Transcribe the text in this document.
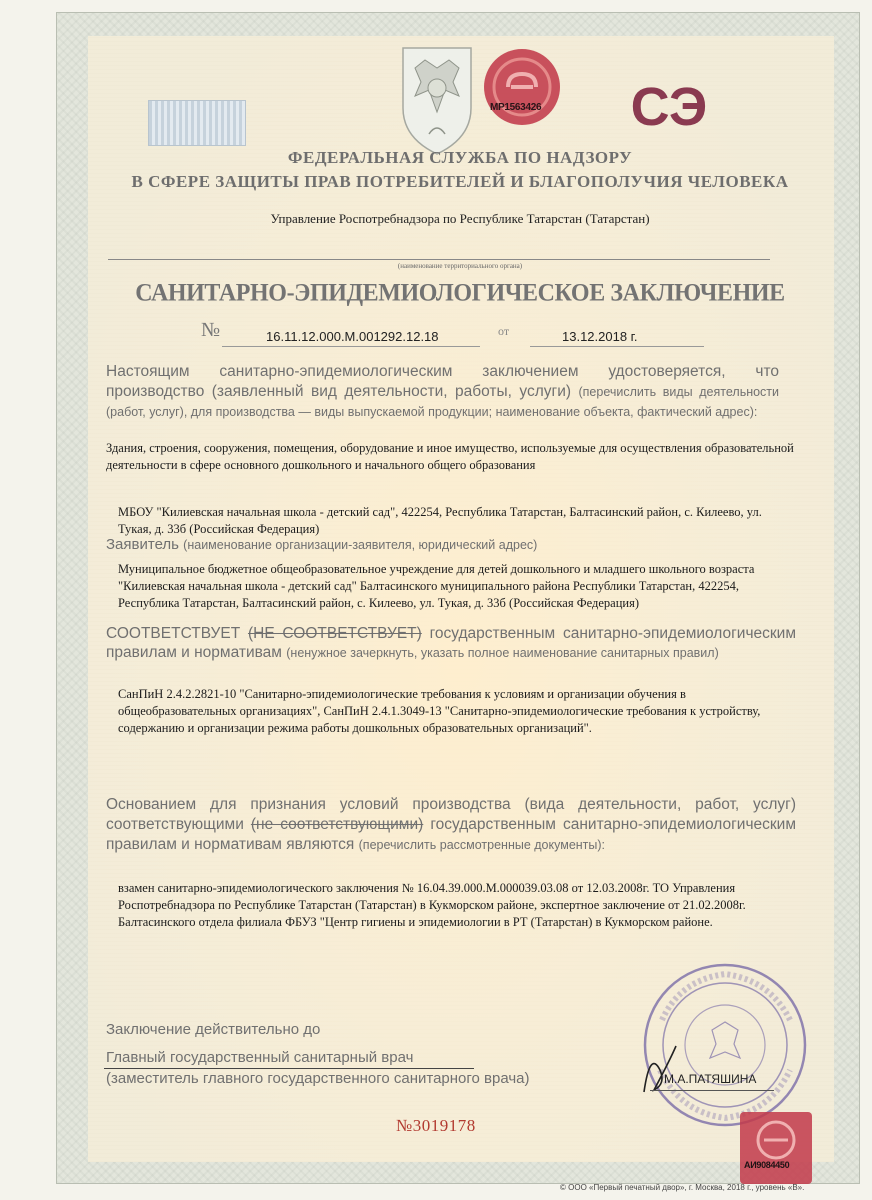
МР1563426 СЭ
ФЕДЕРАЛЬНАЯ СЛУЖБА ПО НАДЗОРУ
В СФЕРЕ ЗАЩИТЫ ПРАВ ПОТРЕБИТЕЛЕЙ И БЛАГОПОЛУЧИЯ ЧЕЛОВЕКА
Управление Роспотребнадзора по Республике Татарстан (Татарстан)
(наименование территориального органа)
САНИТАРНО-ЭПИДЕМИОЛОГИЧЕСКОЕ ЗАКЛЮЧЕНИЕ
№	16.11.12.000.М.001292.12.18	от	13.12.2018 г.
Настоящим санитарно-эпидемиологическим заключением удостоверяется, что производство (заявленный вид деятельности, работы, услуги) (перечислить виды деятельности (работ, услуг), для производства — виды выпускаемой продукции; наименование объекта, фактический адрес):
Здания, строения, сооружения, помещения, оборудование и иное имущество, используемые для осуществления образовательной деятельности в сфере основного дошкольного и начального общего образования
МБОУ "Килиевская начальная школа - детский сад", 422254, Республика Татарстан, Балтасинский район, с. Килеево, ул. Тукая, д. 33б (Российская Федерация)
Заявитель (наименование организации-заявителя, юридический адрес)
Муниципальное бюджетное общеобразовательное учреждение для детей дошкольного и младшего школьного возраста "Килиевская начальная школа - детский сад" Балтасинского муниципального района Республики Татарстан, 422254, Республика Татарстан, Балтасинский район, с. Килеево, ул. Тукая, д. 33б (Российская Федерация)
СООТВЕТСТВУЕТ (НЕ СООТВЕТСТВУЕТ) государственным санитарно-эпидемиологическим правилам и нормативам (ненужное зачеркнуть, указать полное наименование санитарных правил)
СанПиН 2.4.2.2821-10 "Санитарно-эпидемиологические требования к условиям и организации обучения в общеобразовательных организациях", СанПиН 2.4.1.3049-13 "Санитарно-эпидемиологические требования к устройству, содержанию и организации режима работы дошкольных образовательных организаций".
Основанием для признания условий производства (вида деятельности, работ, услуг) соответствующими (не соответствующими) государственным санитарно-эпидемиологическим правилам и нормативам являются (перечислить рассмотренные документы):
взамен санитарно-эпидемиологического заключения № 16.04.39.000.М.000039.03.08 от 12.03.2008г. ТО Управления Роспотребнадзора по Республике Татарстан (Татарстан) в Кукморском районе, экспертное заключение от 21.02.2008г. Балтасинского отдела филиала ФБУЗ "Центр гигиены и эпидемиологии в РТ (Татарстан) в Кукморском районе.
Заключение действительно до
Главный государственный санитарный врач
(заместитель главного государственного санитарного врача)	М.А.ПАТЯШИНА
№3019178
АИ9084450
© ООО «Первый печатный двор», г. Москва, 2018 г., уровень «В».
